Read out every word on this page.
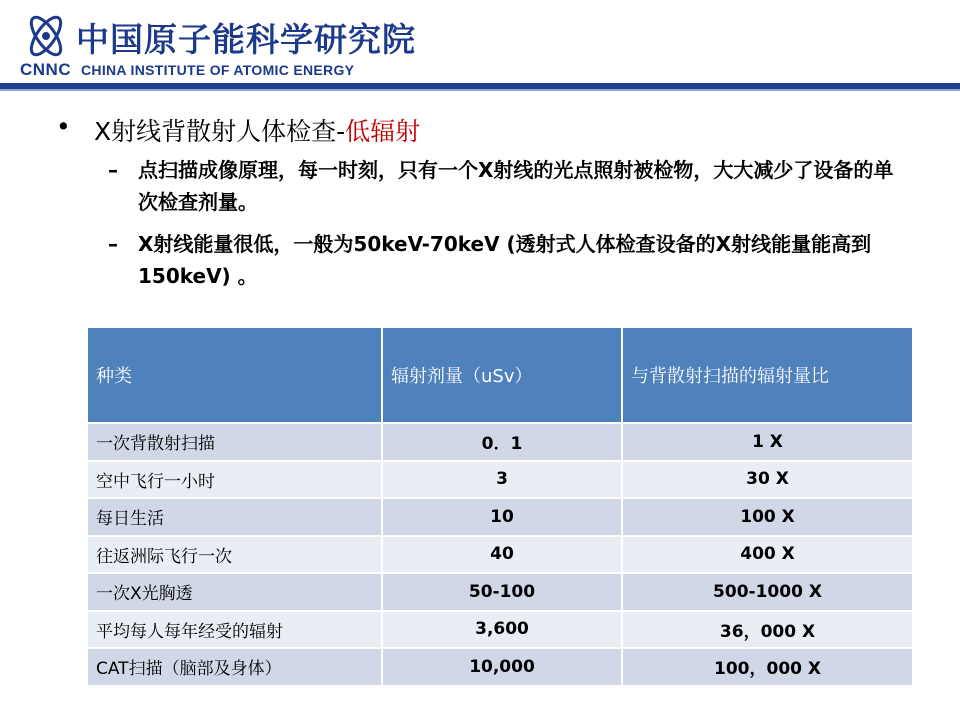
中国原子能科学研究院
CNNC CHINA INSTITUTE OF ATOMIC ENERGY
• X射线背散射人体检查-低辐射
– 点扫描成像原理，每一时刻，只有一个X射线的光点照射被检物，大大减少了设备的单次检查剂量。
– X射线能量很低，一般为50keV-70keV (透射式人体检查设备的X射线能量能高到150keV) 。
种类	辐射剂量（uSv）	与背散射扫描的辐射量比
一次背散射扫描	0．1	1 X
空中飞行一小时	3	30 X
每日生活	10	100 X
往返洲际飞行一次	40	400 X
一次X光胸透	50-100	500-1000 X
平均每人每年经受的辐射	3,600	36，000 X
CAT扫描（脑部及身体）	10,000	100，000 X
